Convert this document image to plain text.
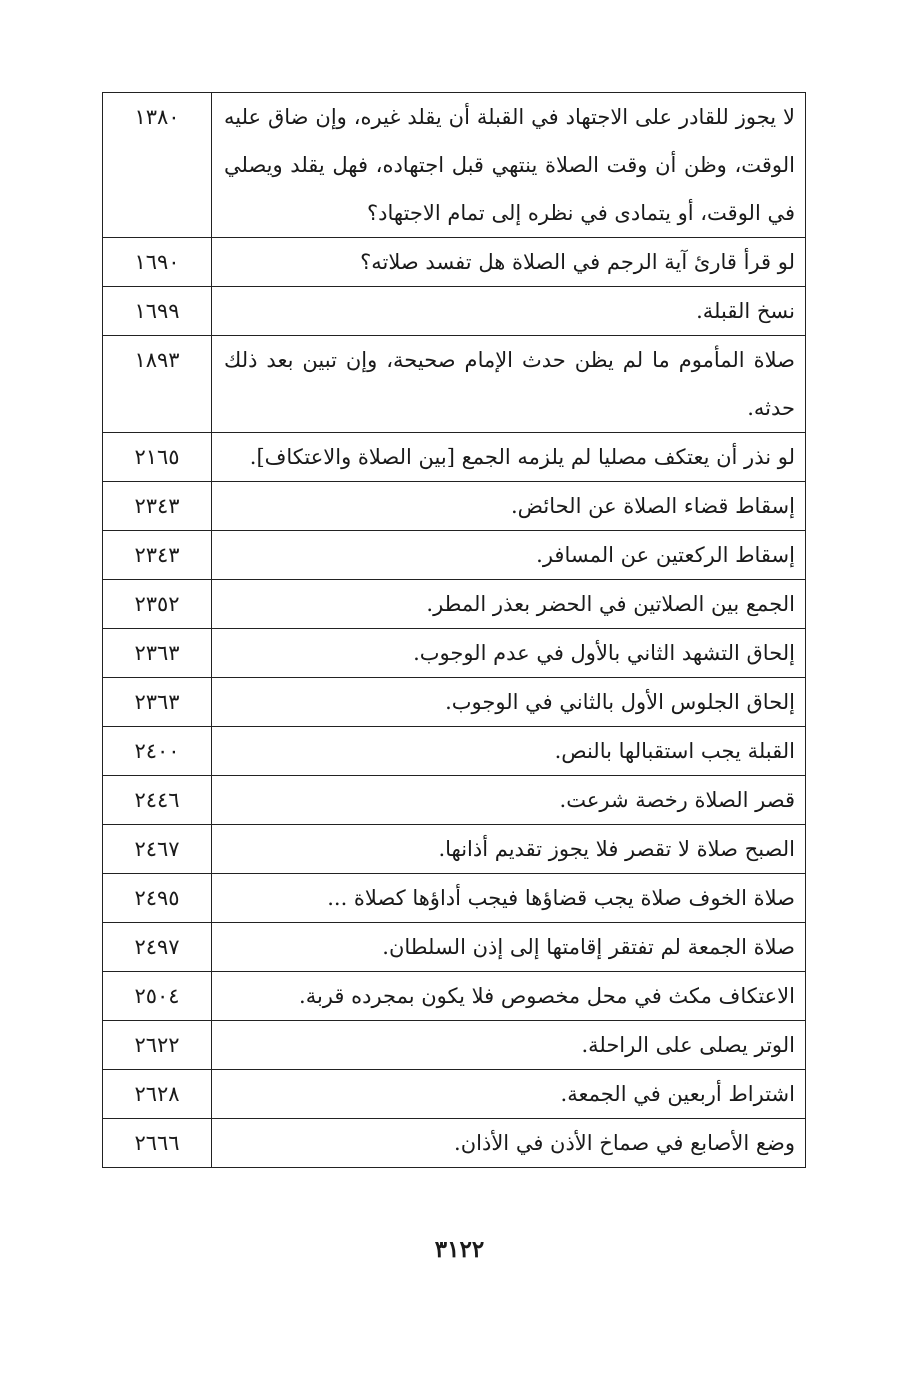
لا يجوز للقادر على الاجتهاد في القبلة أن يقلد غيره، وإن ضاق عليه الوقت، وظن أن وقت الصلاة ينتهي قبل اجتهاده، فهل يقلد ويصلي في الوقت، أو يتمادى في نظره إلى تمام الاجتهاد؟	١٣٨٠
لو قرأ قارئ آية الرجم في الصلاة هل تفسد صلاته؟	١٦٩٠
نسخ القبلة.	١٦٩٩
صلاة المأموم ما لم يظن حدث الإمام صحيحة، وإن تبين بعد ذلك حدثه.	١٨٩٣
لو نذر أن يعتكف مصليا لم يلزمه الجمع [بين الصلاة والاعتكاف].	٢١٦٥
إسقاط قضاء الصلاة عن الحائض.	٢٣٤٣
إسقاط الركعتين عن المسافر.	٢٣٤٣
الجمع بين الصلاتين في الحضر بعذر المطر.	٢٣٥٢
إلحاق التشهد الثاني بالأول في عدم الوجوب.	٢٣٦٣
إلحاق الجلوس الأول بالثاني في الوجوب.	٢٣٦٣
القبلة يجب استقبالها بالنص.	٢٤٠٠
قصر الصلاة رخصة شرعت.	٢٤٤٦
الصبح صلاة لا تقصر فلا يجوز تقديم أذانها.	٢٤٦٧
صلاة الخوف صلاة يجب قضاؤها فيجب أداؤها كصلاة ...	٢٤٩٥
صلاة الجمعة لم تفتقر إقامتها إلى إذن السلطان.	٢٤٩٧
الاعتكاف مكث في محل مخصوص فلا يكون بمجرده قربة.	٢٥٠٤
الوتر يصلى على الراحلة.	٢٦٢٢
اشتراط أربعين في الجمعة.	٢٦٢٨
وضع الأصابع في صماخ الأذن في الأذان.	٢٦٦٦
٣١٢٢
